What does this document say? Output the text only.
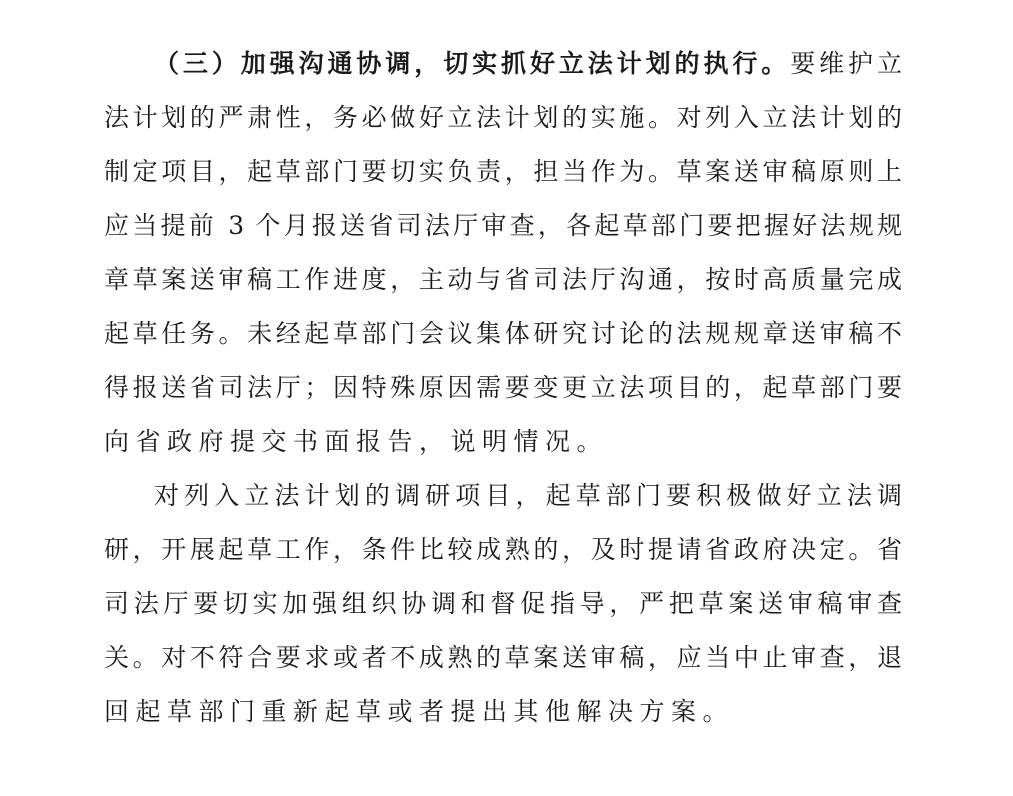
（三）加强沟通协调，切实抓好立法计划的执行。要维护立
法计划的严肃性，务必做好立法计划的实施。对列入立法计划的
制定项目，起草部门要切实负责，担当作为。草案送审稿原则上
应当提前 3 个月报送省司法厅审查，各起草部门要把握好法规规
章草案送审稿工作进度，主动与省司法厅沟通，按时高质量完成
起草任务。未经起草部门会议集体研究讨论的法规规章送审稿不
得报送省司法厅；因特殊原因需要变更立法项目的，起草部门要
向省政府提交书面报告，说明情况。
对列入立法计划的调研项目，起草部门要积极做好立法调
研，开展起草工作，条件比较成熟的，及时提请省政府决定。省
司法厅要切实加强组织协调和督促指导，严把草案送审稿审查
关。对不符合要求或者不成熟的草案送审稿，应当中止审查，退
回起草部门重新起草或者提出其他解决方案。
